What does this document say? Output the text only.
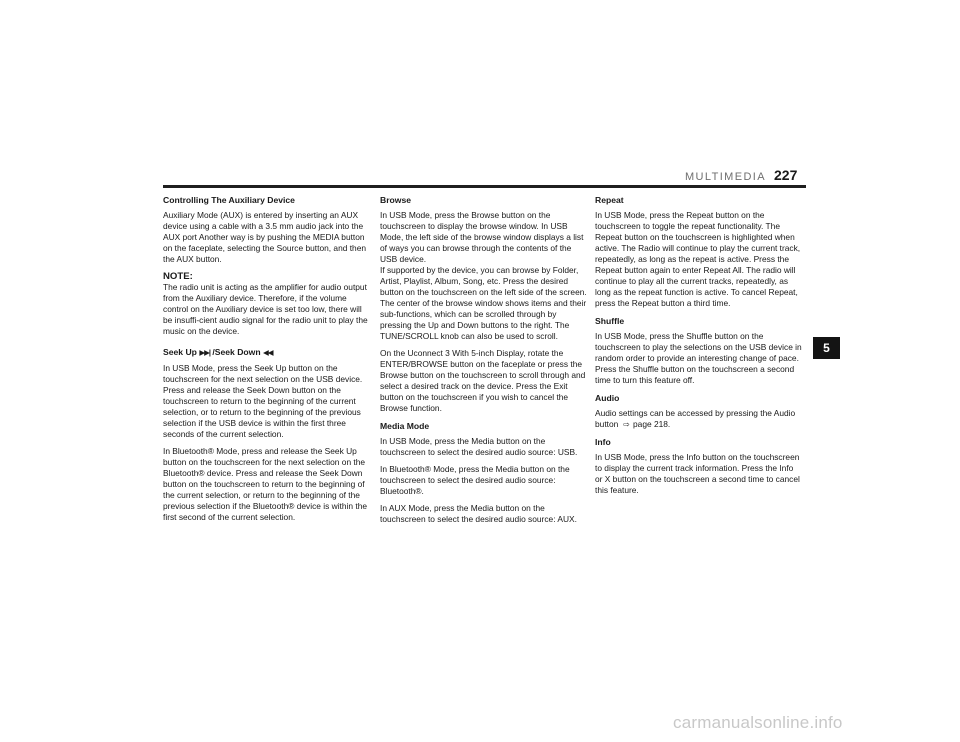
MULTIMEDIA 227

Controlling The Auxiliary Device

Auxiliary Mode (AUX) is entered by inserting an AUX device using a cable with a 3.5 mm audio jack into the AUX port Another way is by pushing the MEDIA button on the faceplate, selecting the Source button, and then the AUX button.

NOTE:

The radio unit is acting as the amplifier for audio output from the Auxiliary device. Therefore, if the volume control on the Auxiliary device is set too low, there will be insuffi-cient audio signal for the radio unit to play the music on the device.

Seek Up ▶▶| /Seek Down ◀◀

In USB Mode, press the Seek Up button on the touchscreen for the next selection on the USB device. Press and release the Seek Down button on the touchscreen to return to the beginning of the current selection, or to return to the beginning of the previous selection if the USB device is within the first three seconds of the current selection.

In Bluetooth® Mode, press and release the Seek Up button on the touchscreen for the next selection on the Bluetooth® device. Press and release the Seek Down button on the touchscreen to return to the beginning of the current selection, or return to the beginning of the previous selection if the Bluetooth® device is within the first second of the current selection.

Browse

In USB Mode, press the Browse button on the touchscreen to display the browse window. In USB Mode, the left side of the browse window displays a list of ways you can browse through the contents of the USB device.

If supported by the device, you can browse by Folder, Artist, Playlist, Album, Song, etc. Press the desired button on the touchscreen on the left side of the screen. The center of the browse window shows items and their sub-functions, which can be scrolled through by pressing the Up and Down buttons to the right. The TUNE/SCROLL knob can also be used to scroll.

On the Uconnect 3 With 5-inch Display, rotate the ENTER/BROWSE button on the faceplate or press the Browse button on the touchscreen to scroll through and select a desired track on the device. Press the Exit button on the touchscreen if you wish to cancel the Browse function.

Media Mode

In USB Mode, press the Media button on the touchscreen to select the desired audio source: USB.

In Bluetooth® Mode, press the Media button on the touchscreen to select the desired audio source: Bluetooth®.

In AUX Mode, press the Media button on the touchscreen to select the desired audio source: AUX.

Repeat

In USB Mode, press the Repeat button on the touchscreen to toggle the repeat functionality. The Repeat button on the touchscreen is highlighted when active. The Radio will continue to play the current track, repeatedly, as long as the repeat is active. Press the Repeat button again to enter Repeat All. The radio will continue to play all the current tracks, repeatedly, as long as the repeat function is active. To cancel Repeat, press the Repeat button a third time.

Shuffle

In USB Mode, press the Shuffle button on the touchscreen to play the selections on the USB device in random order to provide an interesting change of pace. Press the Shuffle button on the touchscreen a second time to turn this feature off.

Audio

Audio settings can be accessed by pressing the Audio button ⇨ page 218.

Info

In USB Mode, press the Info button on the touchscreen to display the current track information. Press the Info or X button on the touchscreen a second time to cancel this feature.

5
carmanualsonline.info
